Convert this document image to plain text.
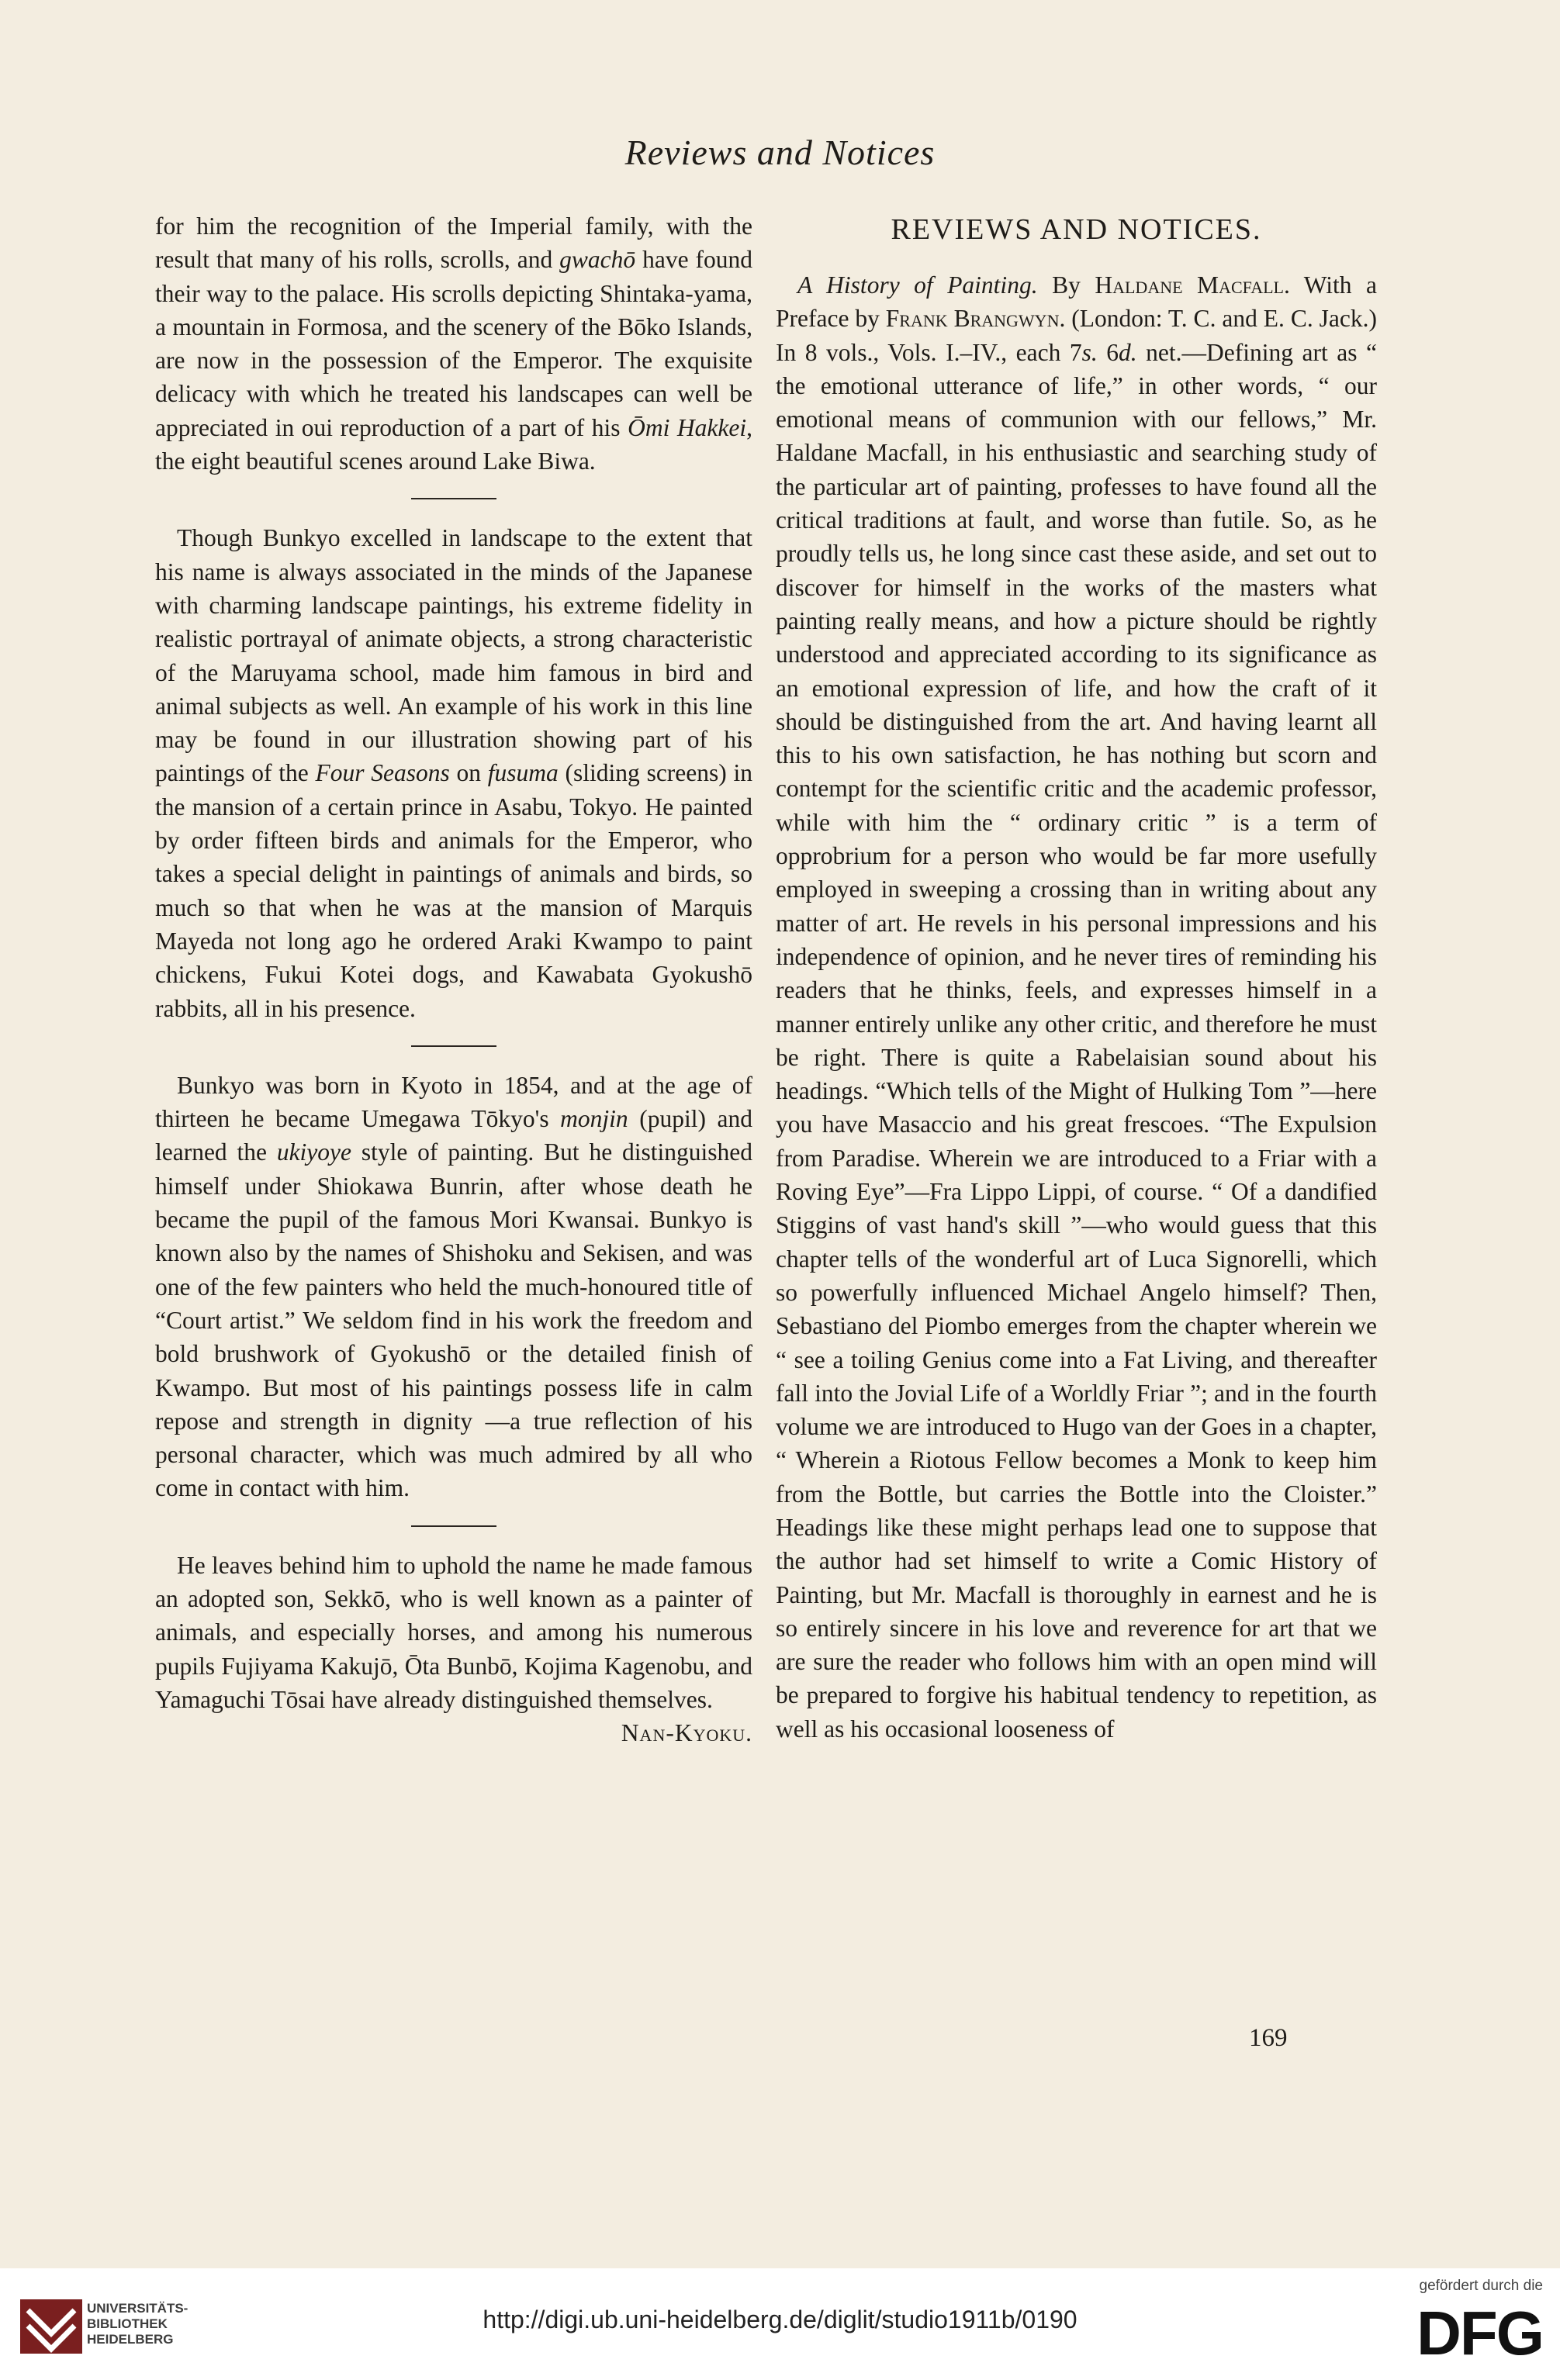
Reviews and Notices

for him the recognition of the Imperial family, with the result that many of his rolls, scrolls, and gwachō have found their way to the palace. His scrolls depicting Shintaka-yama, a mountain in Formosa, and the scenery of the Bōko Islands, are now in the possession of the Emperor. The exquisite delicacy with which he treated his landscapes can well be appreciated in oui reproduction of a part of his Ōmi Hakkei, the eight beautiful scenes around Lake Biwa.

Though Bunkyo excelled in landscape to the extent that his name is always associated in the minds of the Japanese with charming landscape paintings, his extreme fidelity in realistic portrayal of animate objects, a strong characteristic of the Maruyama school, made him famous in bird and animal subjects as well. An example of his work in this line may be found in our illustration showing part of his paintings of the Four Seasons on fusuma (sliding screens) in the mansion of a certain prince in Asabu, Tokyo. He painted by order fifteen birds and animals for the Emperor, who takes a special delight in paintings of animals and birds, so much so that when he was at the mansion of Marquis Mayeda not long ago he ordered Araki Kwampo to paint chickens, Fukui Kotei dogs, and Kawabata Gyokushō rabbits, all in his presence.

Bunkyo was born in Kyoto in 1854, and at the age of thirteen he became Umegawa Tōkyo's monjin (pupil) and learned the ukiyoye style of painting. But he distinguished himself under Shiokawa Bunrin, after whose death he became the pupil of the famous Mori Kwansai. Bunkyo is known also by the names of Shishoku and Sekisen, and was one of the few painters who held the much-honoured title of “Court artist.” We seldom find in his work the freedom and bold brushwork of Gyokushō or the detailed finish of Kwampo. But most of his paintings possess life in calm repose and strength in dignity —a true reflection of his personal character, which was much admired by all who come in contact with him.

He leaves behind him to uphold the name he made famous an adopted son, Sekkō, who is well known as a painter of animals, and especially horses, and among his numerous pupils Fujiyama Kakujō, Ōta Bunbō, Kojima Kagenobu, and Yamaguchi Tōsai have already distinguished themselves.
Nan-Kyoku.

REVIEWS AND NOTICES.

A History of Painting. By Haldane Macfall. With a Preface by Frank Brangwyn. (London: T. C. and E. C. Jack.) In 8 vols., Vols. I.–IV., each 7s. 6d. net.—Defining art as “ the emotional utterance of life,” in other words, “ our emotional means of communion with our fellows,” Mr. Haldane Macfall, in his enthusiastic and searching study of the particular art of painting, professes to have found all the critical traditions at fault, and worse than futile. So, as he proudly tells us, he long since cast these aside, and set out to discover for himself in the works of the masters what painting really means, and how a picture should be rightly understood and appreciated according to its significance as an emotional expression of life, and how the craft of it should be distinguished from the art. And having learnt all this to his own satisfaction, he has nothing but scorn and contempt for the scientific critic and the academic professor, while with him the “ ordinary critic ” is a term of opprobrium for a person who would be far more usefully employed in sweeping a crossing than in writing about any matter of art. He revels in his personal impressions and his independence of opinion, and he never tires of reminding his readers that he thinks, feels, and expresses himself in a manner entirely unlike any other critic, and therefore he must be right. There is quite a Rabelaisian sound about his headings. “Which tells of the Might of Hulking Tom ”—here you have Masaccio and his great frescoes. “The Expulsion from Paradise. Wherein we are introduced to a Friar with a Roving Eye”—Fra Lippo Lippi, of course. “ Of a dandified Stiggins of vast hand's skill ”—who would guess that this chapter tells of the wonderful art of Luca Signorelli, which so powerfully influenced Michael Angelo himself? Then, Sebastiano del Piombo emerges from the chapter wherein we “ see a toiling Genius come into a Fat Living, and thereafter fall into the Jovial Life of a Worldly Friar ”; and in the fourth volume we are introduced to Hugo van der Goes in a chapter, “ Wherein a Riotous Fellow becomes a Monk to keep him from the Bottle, but carries the Bottle into the Cloister.” Headings like these might perhaps lead one to suppose that the author had set himself to write a Comic History of Painting, but Mr. Macfall is thoroughly in earnest and he is so entirely sincere in his love and reverence for art that we are sure the reader who follows him with an open mind will be prepared to forgive his habitual tendency to repetition, as well as his occasional looseness of

169
UNIVERSITÄTS-
BIBLIOTHEK
HEIDELBERG
http://digi.ub.uni-heidelberg.de/diglit/studio1911b/0190
gefördert durch die
DFG
